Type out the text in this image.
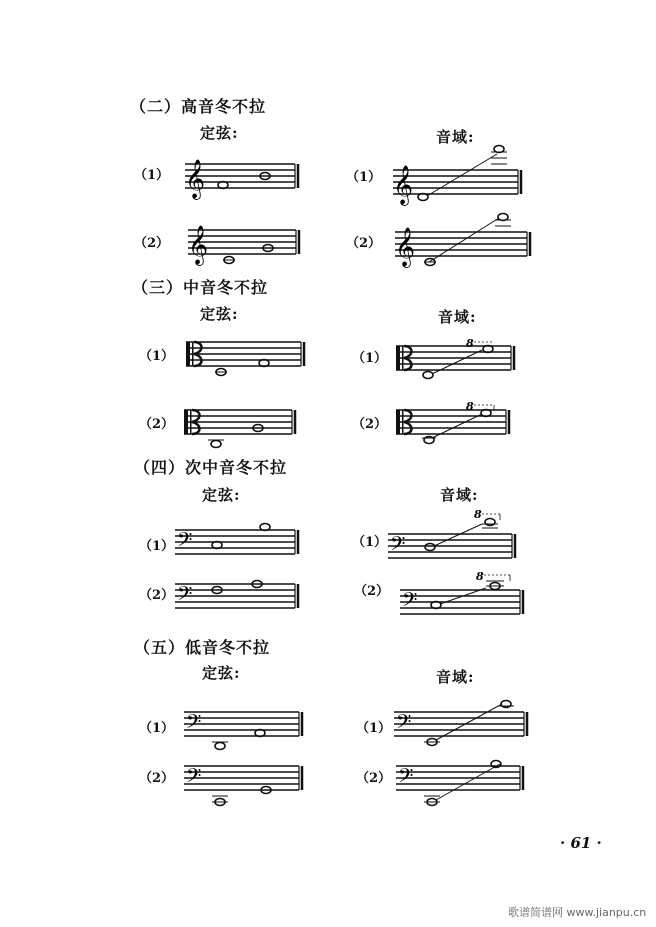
（二）高音冬不拉
定弦:	音域:
（1） 𝄞	（1） 𝄞
（2） 𝄞	（2） 𝄞
（三）中音冬不拉
定弦:	音域:
（1）	（1）
8
（2）	（2）
8
（四）次中音冬不拉
定弦:	音域:
（1） 𝄢	（1） 𝄢
8
（2） 𝄢	（2） 𝄢
8
（五）低音冬不拉
定弦:	音域:
（1） 𝄢	（1） 𝄢
（2） 𝄢	（2） 𝄢
· 61 ·
歌谱简谱网 www.jianpu.cn
